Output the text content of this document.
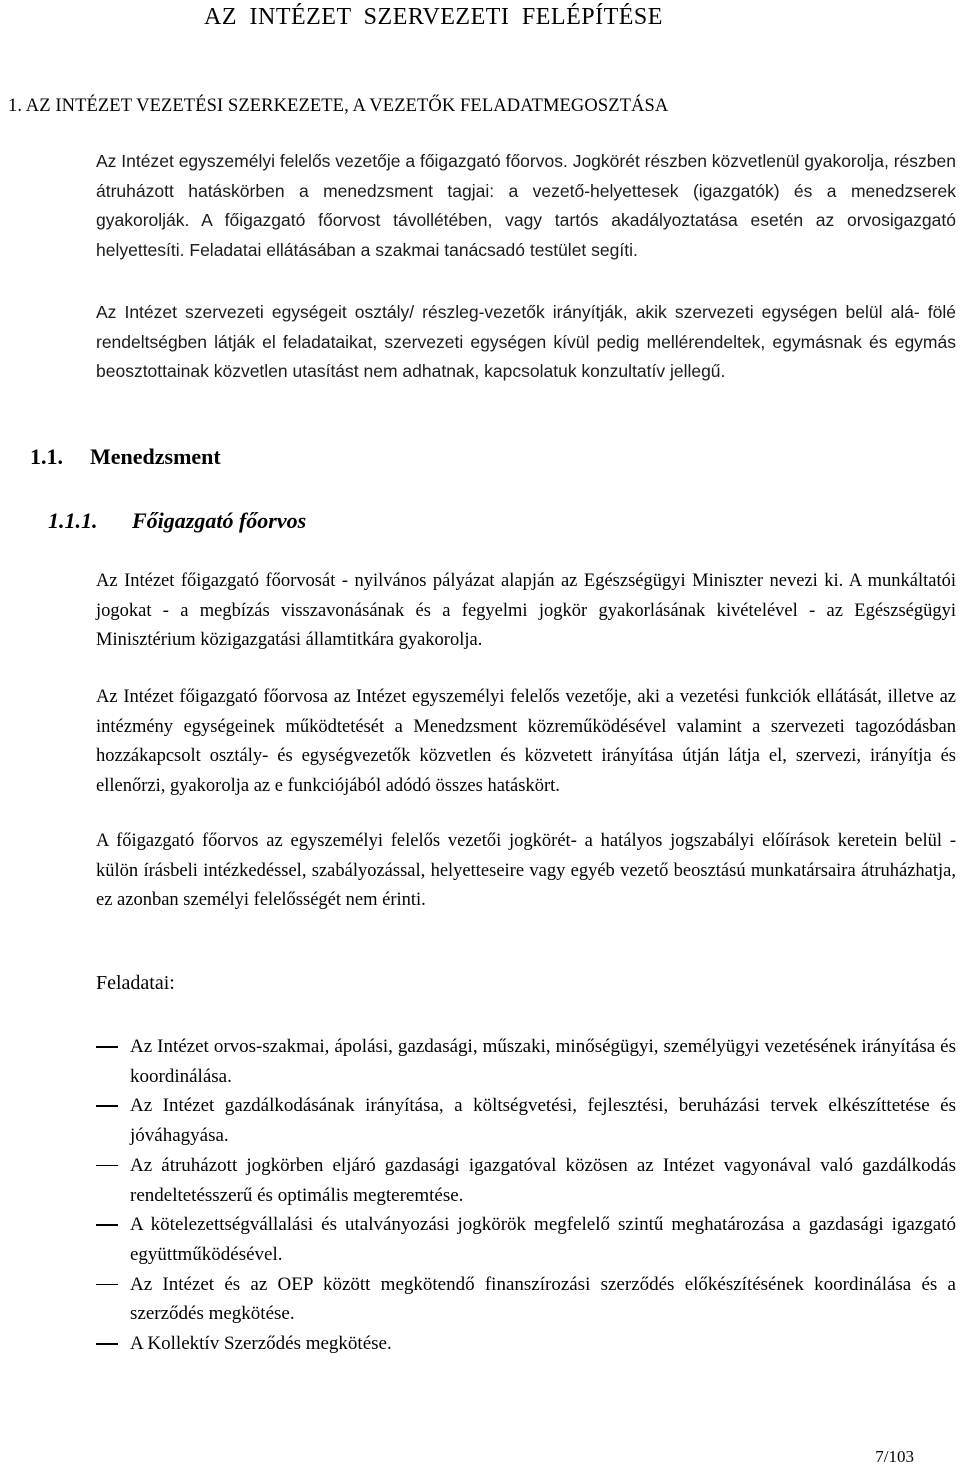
AZ INTÉZET SZERVEZETI FELÉPÍTÉSE
1. AZ INTÉZET VEZETÉSI SZERKEZETE, A VEZETŐK FELADATMEGOSZTÁSA

Az Intézet egyszemélyi felelős vezetője a főigazgató főorvos. Jogkörét részben közvetlenül gyakorolja, részben átruházott hatáskörben a menedzsment tagjai: a vezető-helyettesek (igazgatók) és a menedzserek gyakorolják. A főigazgató főorvost távollétében, vagy tartós akadályoztatása esetén az orvosigazgató helyettesíti. Feladatai ellátásában a szakmai tanácsadó testület segíti.

Az Intézet szervezeti egységeit osztály/ részleg-vezetők irányítják, akik szervezeti egységen belül alá- fölé rendeltségben látják el feladataikat, szervezeti egységen kívül pedig mellérendeltek, egymásnak és egymás beosztottainak közvetlen utasítást nem adhatnak, kapcsolatuk konzultatív jellegű.

1.1. Menedzsment
1.1.1. Főigazgató főorvos

Az Intézet főigazgató főorvosát - nyilvános pályázat alapján az Egészségügyi Miniszter nevezi ki. A munkáltatói jogokat - a megbízás visszavonásának és a fegyelmi jogkör gyakorlásának kivételével - az Egészségügyi Minisztérium közigazgatási államtitkára gyakorolja.

Az Intézet főigazgató főorvosa az Intézet egyszemélyi felelős vezetője, aki a vezetési funkciók ellátását, illetve az intézmény egységeinek működtetését a Menedzsment közreműködésével valamint a szervezeti tagozódásban hozzákapcsolt osztály- és egységvezetők közvetlen és közvetett irányítása útján látja el, szervezi, irányítja és ellenőrzi, gyakorolja az e funkciójából adódó összes hatáskört.

A főigazgató főorvos az egyszemélyi felelős vezetői jogkörét- a hatályos jogszabályi előírások keretein belül - külön írásbeli intézkedéssel, szabályozással, helyetteseire vagy egyéb vezető beosztású munkatársaira átruházhatja, ez azonban személyi felelősségét nem érinti.

Feladatai:
Az Intézet orvos-szakmai, ápolási, gazdasági, műszaki, minőségügyi, személyügyi vezetésének irányítása és koordinálása.
Az Intézet gazdálkodásának irányítása, a költségvetési, fejlesztési, beruházási tervek elkészíttetése és jóváhagyása.
Az átruházott jogkörben eljáró gazdasági igazgatóval közösen az Intézet vagyonával való gazdálkodás rendeltetésszerű és optimális megteremtése.
A kötelezettségvállalási és utalványozási jogkörök megfelelő szintű meghatározása a gazdasági igazgató együttműködésével.
Az Intézet és az OEP között megkötendő finanszírozási szerződés előkészítésének koordinálása és a szerződés megkötése.
A Kollektív Szerződés megkötése.

7/103
